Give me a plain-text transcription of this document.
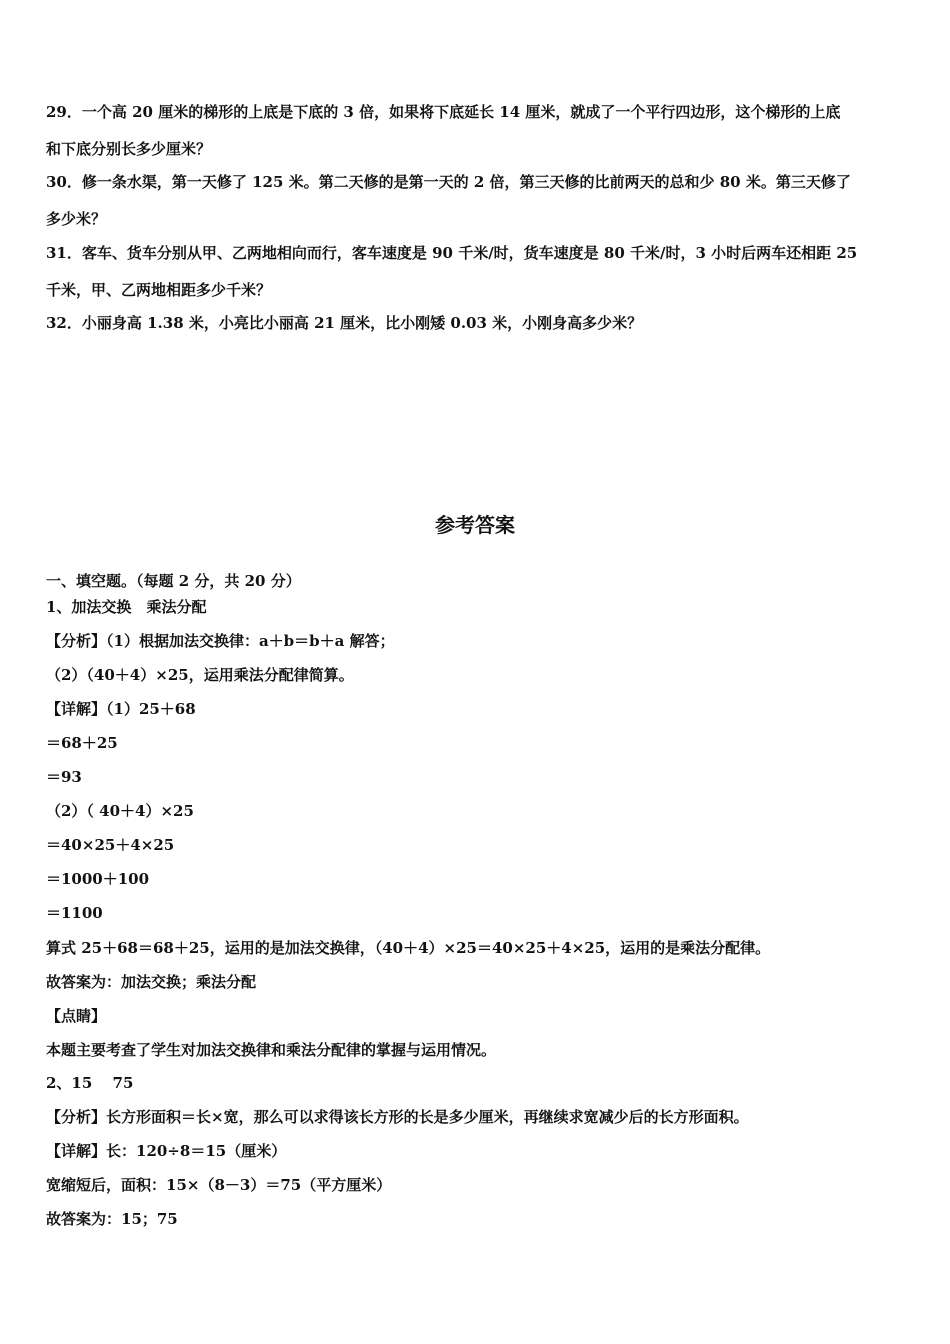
29．一个高 20 厘米的梯形的上底是下底的 3 倍，如果将下底延长 14 厘米，就成了一个平行四边形，这个梯形的上底
和下底分别长多少厘米？
30．修一条水渠，第一天修了 125 米。第二天修的是第一天的 2 倍，第三天修的比前两天的总和少 80 米。第三天修了
多少米？
31．客车、货车分别从甲、乙两地相向而行，客车速度是 90 千米/时，货车速度是 80 千米/时，3 小时后两车还相距 25
千米，甲、乙两地相距多少千米？
32．小丽身高 1.38 米，小亮比小丽高 21 厘米，比小刚矮 0.03 米，小刚身高多少米？
参考答案
一、填空题。（每题 2 分，共 20 分）
1、加法交换　乘法分配
【分析】（1）根据加法交换律：a＋b＝b＋a 解答；
（2）（40＋4）×25，运用乘法分配律简算。
【详解】（1）25＋68
＝68＋25
＝93
（2）（ 40＋4）×25
＝40×25＋4×25
＝1000＋100
＝1100
算式 25＋68＝68＋25，运用的是加法交换律，（40＋4）×25＝40×25＋4×25，运用的是乘法分配律。
故答案为：加法交换；乘法分配
【点睛】
本题主要考查了学生对加法交换律和乘法分配律的掌握与运用情况。
2、15　 75
【分析】长方形面积＝长×宽，那么可以求得该长方形的长是多少厘米，再继续求宽减少后的长方形面积。
【详解】长：120÷8＝15（厘米）
宽缩短后，面积：15×（8－3）＝75（平方厘米）
故答案为：15；75
